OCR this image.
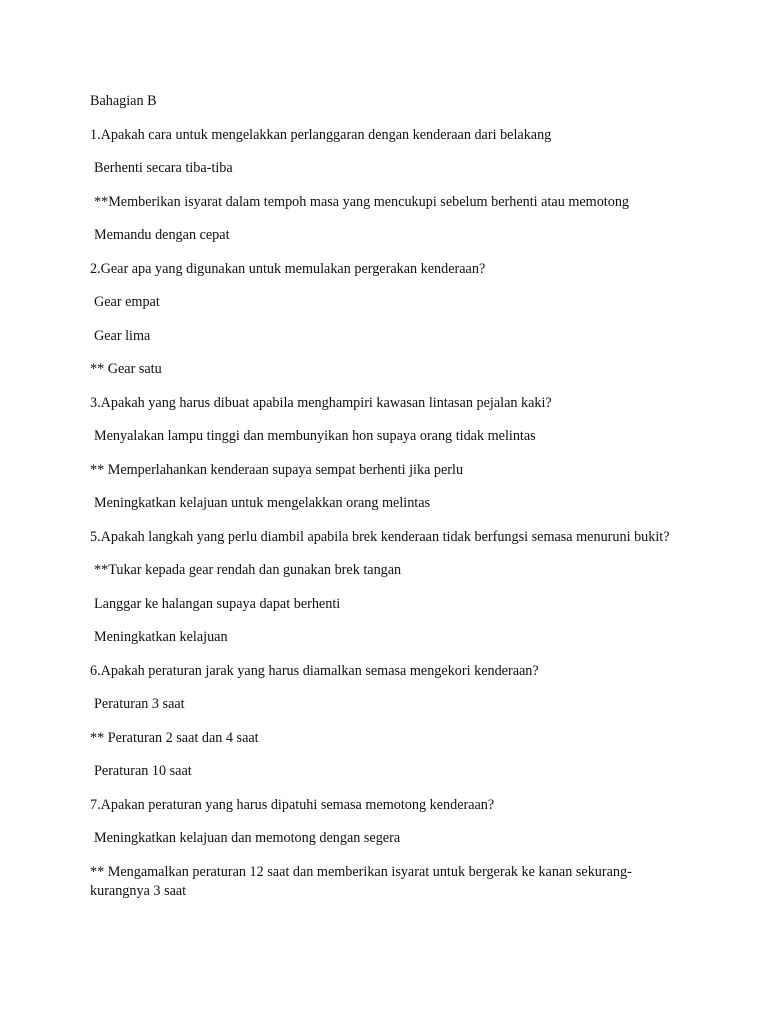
Bahagian B

1.Apakah cara untuk mengelakkan perlanggaran dengan kenderaan dari belakang

Berhenti secara tiba-tiba

**Memberikan isyarat dalam tempoh masa yang mencukupi sebelum berhenti atau memotong

Memandu dengan cepat

2.Gear apa yang digunakan untuk memulakan pergerakan kenderaan?

Gear empat

Gear lima

** Gear satu

3.Apakah yang harus dibuat apabila menghampiri kawasan lintasan pejalan kaki?

Menyalakan lampu tinggi dan membunyikan hon supaya orang tidak melintas

** Memperlahankan kenderaan supaya sempat berhenti jika perlu

Meningkatkan kelajuan untuk mengelakkan orang melintas

5.Apakah langkah yang perlu diambil apabila brek kenderaan tidak berfungsi semasa menuruni bukit?

**Tukar kepada gear rendah dan gunakan brek tangan

Langgar ke halangan supaya dapat berhenti

Meningkatkan kelajuan

6.Apakah peraturan jarak yang harus diamalkan semasa mengekori kenderaan?

Peraturan 3 saat

** Peraturan 2 saat dan 4 saat

Peraturan 10 saat

7.Apakan peraturan yang harus dipatuhi semasa memotong kenderaan?

Meningkatkan kelajuan dan memotong dengan segera

** Mengamalkan peraturan 12 saat dan memberikan isyarat untuk bergerak ke kanan sekurang-kurangnya 3 saat
